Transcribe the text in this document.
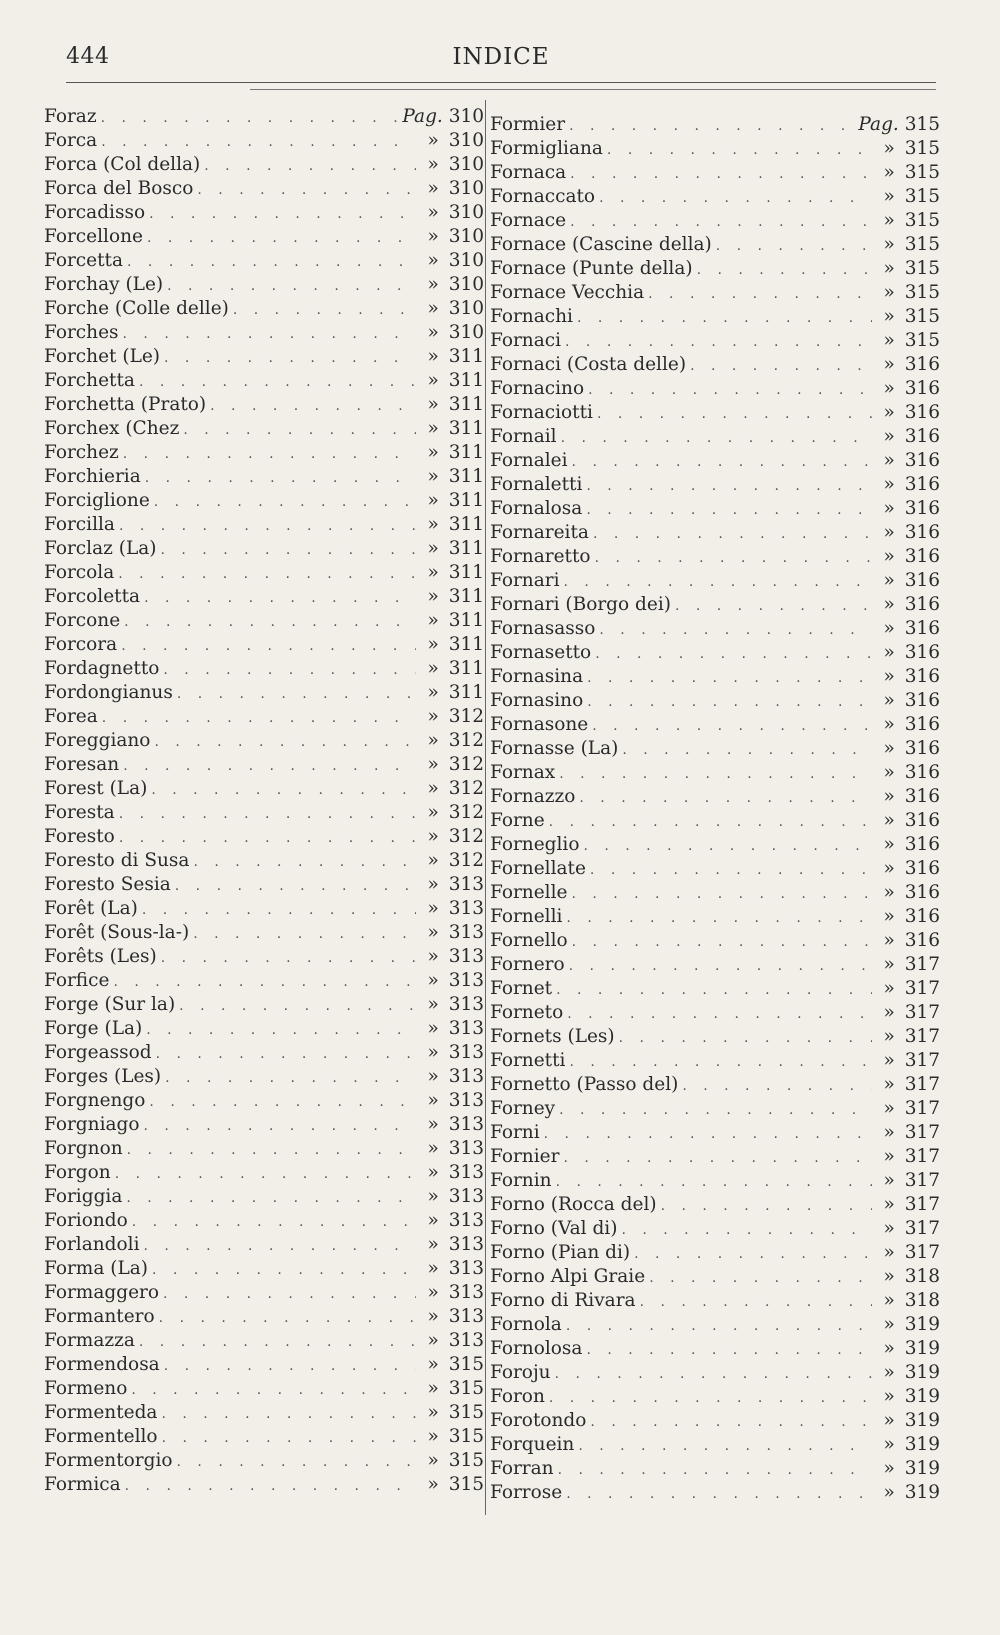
444	INDICE
Foraz . . .	Pag. 310
Forca . . .	» 310
Forca (Col della) . . .	» 310
Forca del Bosco . . .	» 310
Forcadisso . . .	» 310
Forcellone . . .	» 310
Forcetta . . .	» 310
Forchay (Le) . . .	» 310
Forche (Colle delle) . . .	» 310
Forches . . .	» 310
Forchet (Le) . . .	» 311
Forchetta . . .	» 311
Forchetta (Prato) . . .	» 311
Forchex (Chez . . .	» 311
Forchez . . .	» 311
Forchieria . . .	» 311
Forciglione . . .	» 311
Forcilla . . .	» 311
Forclaz (La) . . .	» 311
Forcola . . .	» 311
Forcoletta . . .	» 311
Forcone . . .	» 311
Forcora . . .	» 311
Fordagnetto . . .	» 311
Fordongianus . . .	» 311
Forea . . .	» 312
Foreggiano . . .	» 312
Foresan . . .	» 312
Forest (La) . . .	» 312
Foresta . . .	» 312
Foresto . . .	» 312
Foresto di Susa . . .	» 312
Foresto Sesia . . .	» 313
Forêt (La) . . .	» 313
Forêt (Sous-la-) . . .	» 313
Forêts (Les) . . .	» 313
Forfice . . .	» 313
Forge (Sur la) . . .	» 313
Forge (La) . . .	» 313
Forgeassod . . .	» 313
Forges (Les) . . .	» 313
Forgnengo . . .	» 313
Forgniago . . .	» 313
Forgnon . . .	» 313
Forgon . . .	» 313
Foriggia . . .	» 313
Foriondo . . .	» 313
Forlandoli . . .	» 313
Forma (La) . . .	» 313
Formaggero . . .	» 313
Formantero . . .	» 313
Formazza . . .	» 313
Formendosa . . .	» 315
Formeno . . .	» 315
Formenteda . . .	» 315
Formentello . . .	» 315
Formentorgio . . .	» 315
Formica . . .	» 315
Formier . . .	Pag. 315
Formigliana . . .	» 315
Fornaca . . .	» 315
Fornaccato . . .	» 315
Fornace . . .	» 315
Fornace (Cascine della) . . .	» 315
Fornace (Punte della) . . .	» 315
Fornace Vecchia . . .	» 315
Fornachi . . .	» 315
Fornaci . . .	» 315
Fornaci (Costa delle) . . .	» 316
Fornacino . . .	» 316
Fornaciotti . . .	» 316
Fornail . . .	» 316
Fornalei . . .	» 316
Fornaletti . . .	» 316
Fornalosa . . .	» 316
Fornareita . . .	» 316
Fornaretto . . .	» 316
Fornari . . .	» 316
Fornari (Borgo dei) . . .	» 316
Fornasasso . . .	» 316
Fornasetto . . .	» 316
Fornasina . . .	» 316
Fornasino . . .	» 316
Fornasone . . .	» 316
Fornasse (La) . . .	» 316
Fornax . . .	» 316
Fornazzo . . .	» 316
Forne . . .	» 316
Forneglio . . .	» 316
Fornellate . . .	» 316
Fornelle . . .	» 316
Fornelli . . .	» 316
Fornello . . .	» 316
Fornero . . .	» 317
Fornet . . .	» 317
Forneto . . .	» 317
Fornets (Les) . . .	» 317
Fornetti . . .	» 317
Fornetto (Passo del) . . .	» 317
Forney . . .	» 317
Forni . . .	» 317
Fornier . . .	» 317
Fornin . . .	» 317
Forno (Rocca del) . . .	» 317
Forno (Val di) . . .	» 317
Forno (Pian di) . . .	» 317
Forno Alpi Graie . . .	» 318
Forno di Rivara . . .	» 318
Fornola . . .	» 319
Fornolosa . . .	» 319
Foroju . . .	» 319
Foron . . .	» 319
Forotondo . . .	» 319
Forquein . . .	» 319
Forran . . .	» 319
Forrose . . .	» 319
